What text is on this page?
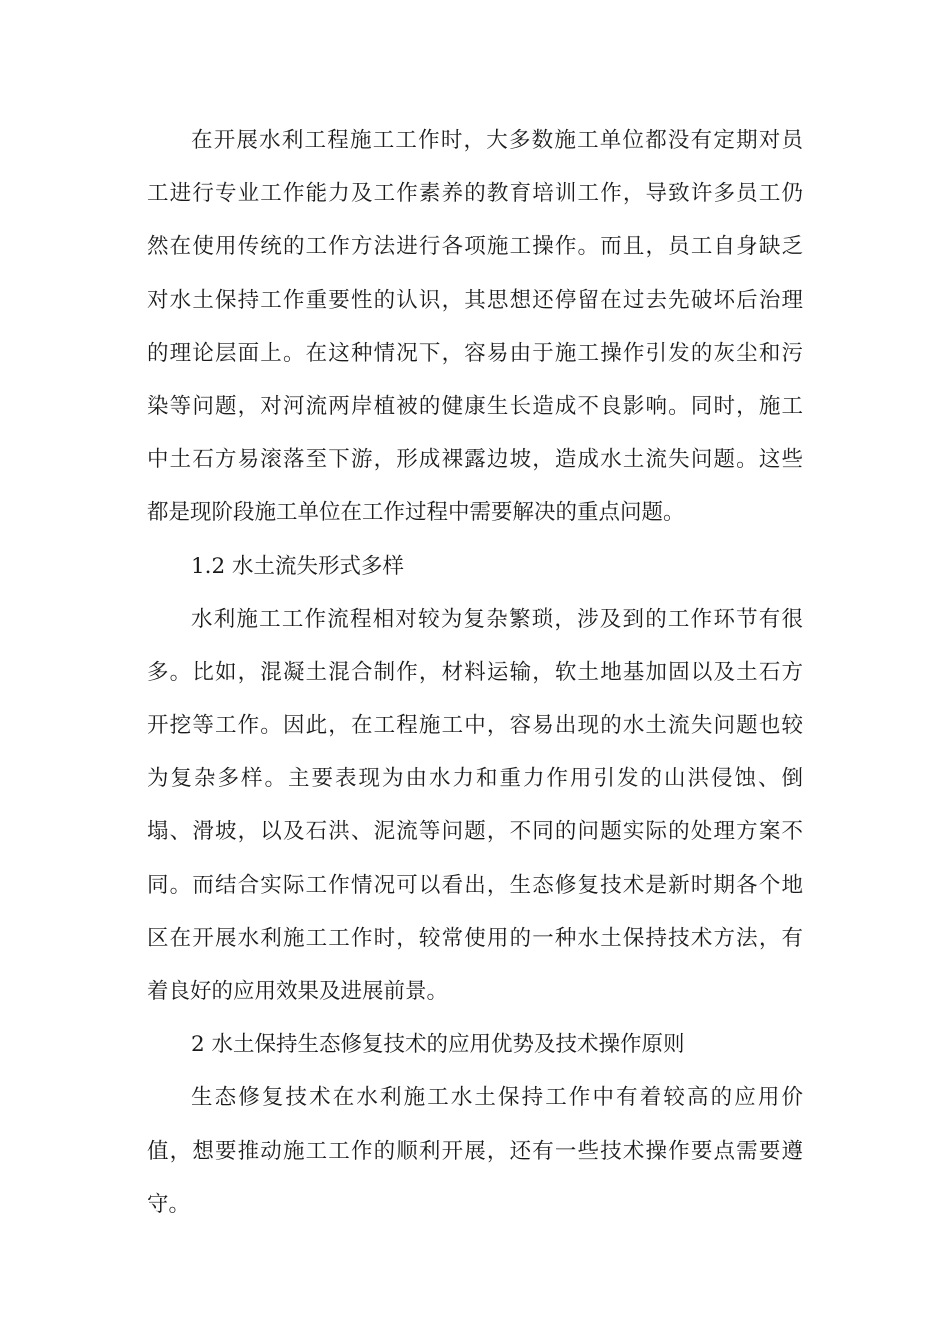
在开展水利工程施工工作时，大多数施工单位都没有定期对员
工进行专业工作能力及工作素养的教育培训工作，导致许多员工仍
然在使用传统的工作方法进行各项施工操作。而且，员工自身缺乏
对水土保持工作重要性的认识，其思想还停留在过去先破坏后治理
的理论层面上。在这种情况下，容易由于施工操作引发的灰尘和污
染等问题，对河流两岸植被的健康生长造成不良影响。同时，施工
中土石方易滚落至下游，形成裸露边坡，造成水土流失问题。这些
都是现阶段施工单位在工作过程中需要解决的重点问题。
1.2 水土流失形式多样
水利施工工作流程相对较为复杂繁琐，涉及到的工作环节有很
多。比如，混凝土混合制作，材料运输，软土地基加固以及土石方
开挖等工作。因此，在工程施工中，容易出现的水土流失问题也较
为复杂多样。主要表现为由水力和重力作用引发的山洪侵蚀、倒
塌、滑坡，以及石洪、泥流等问题，不同的问题实际的处理方案不
同。而结合实际工作情况可以看出，生态修复技术是新时期各个地
区在开展水利施工工作时，较常使用的一种水土保持技术方法，有
着良好的应用效果及进展前景。
2 水土保持生态修复技术的应用优势及技术操作原则
生态修复技术在水利施工水土保持工作中有着较高的应用价
值，想要推动施工工作的顺利开展，还有一些技术操作要点需要遵
守。
